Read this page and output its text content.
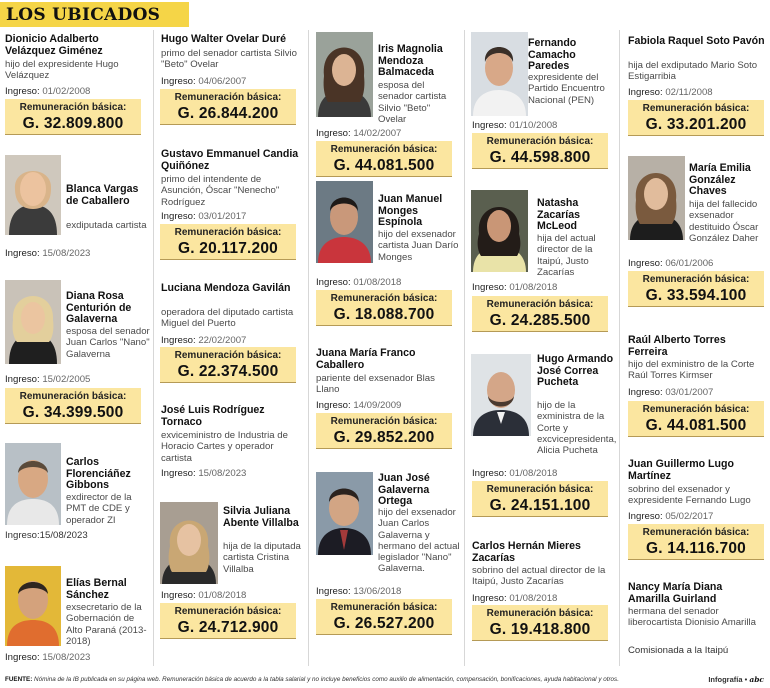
LOS UBICADOS
Dionicio Adalberto Velázquez Giménez
hijo del expresidente Hugo Velázquez
Ingreso: 01/02/2008
Remuneración básica:
G. 32.809.800
Blanca Vargas de Caballero
exdiputada cartista
Ingreso: 15/08/2023
Diana Rosa Centurión de Galaverna
esposa del senador Juan Carlos "Nano" Galaverna
Ingreso: 15/02/2005
Remuneración básica:
G. 34.399.500
Carlos Florenciáñez Gibbons
exdirector de la PMT de CDE y operador ZI
Ingreso:15/08/2023
Elías Bernal Sánchez
exsecretario de la Gobernación de Alto Paraná (2013-2018)
Ingreso: 15/08/2023
Hugo Walter Ovelar Duré
primo del senador cartista Silvio "Beto" Ovelar
Ingreso: 04/06/2007
Remuneración básica:
G. 26.844.200
Gustavo Emmanuel Candia Quiñónez
primo del intendente de Asunción, Óscar "Nenecho" Rodríguez
Ingreso: 03/01/2017
Remuneración básica:
G. 20.117.200
Luciana Mendoza Gavilán
operadora del diputado cartista Miguel del Puerto
Ingreso: 22/02/2007
Remuneración básica:
G. 22.374.500
José Luis Rodríguez Tornaco
exviceministro de Industria de Horacio Cartes y operador cartista
Ingreso: 15/08/2023
Silvia Juliana Abente Villalba
hija de la diputada cartista Cristina Villalba
Ingreso: 01/08/2018
Remuneración básica:
G. 24.712.900
Iris Magnolia Mendoza Balmaceda
esposa del senador cartista Silvio "Beto" Ovelar
Ingreso: 14/02/2007
Remuneración básica:
G. 44.081.500
Juan Manuel Monges Espínola
hijo del exsenador cartista Juan Darío Monges
Ingreso: 01/08/2018
Remuneración básica:
G. 18.088.700
Juana María Franco Caballero
pariente del exsenador Blas Llano
Ingreso: 14/09/2009
Remuneración básica:
G. 29.852.200
Juan José Galaverna Ortega
hijo del exsenador Juan Carlos Galaverna y hermano del actual legislador "Nano" Galaverna.
Ingreso: 13/06/2018
Remuneración básica:
G. 26.527.200
Fernando Camacho Paredes
expresidente del Partido Encuentro Nacional (PEN)
Ingreso: 01/10/2008
Remuneración básica:
G. 44.598.800
Natasha Zacarías McLeod
hija del actual director de la Itaipú, Justo Zacarías
Ingreso: 01/08/2018
Remuneración básica:
G. 24.285.500
Hugo Armando José Correa Pucheta
hijo de la exministra de la Corte y excvicepresidenta, Alicia Pucheta
Ingreso: 01/08/2018
Remuneración básica:
G. 24.151.100
Carlos Hernán Mieres Zacarías
sobrino del actual director de la Itaipú, Justo Zacarías
Ingreso: 01/08/2018
Remuneración básica:
G. 19.418.800
Fabiola Raquel Soto Pavón
hija del exdiputado Mario Soto Estigarribia
Ingreso: 02/11/2008
Remuneración básica:
G. 33.201.200
María Emilia González Chaves
hija del fallecido exsenador destituido Óscar González Daher
Ingreso: 06/01/2006
Remuneración básica:
G. 33.594.100
Raúl Alberto Torres Ferreira
hijo del exministro de la Corte Raúl Torres Kirmser
Ingreso: 03/01/2007
Remuneración básica:
G. 44.081.500
Juan Guillermo Lugo Martínez
sobrino del exsenador y expresidente Fernando Lugo
Ingreso: 05/02/2017
Remuneración básica:
G. 14.116.700
Nancy María Diana Amarilla Guirland
hermana del senador liberocartista Dionisio Amarilla
Comisionada a la Itaipú
FUENTE: Nómina de la IB publicada en su página web. Remuneración básica de acuerdo a la tabla salarial y no incluye beneficios como auxilio de alimentación, compensación, bonificaciones, ayuda habitacional y otros.	Infografía • abc
